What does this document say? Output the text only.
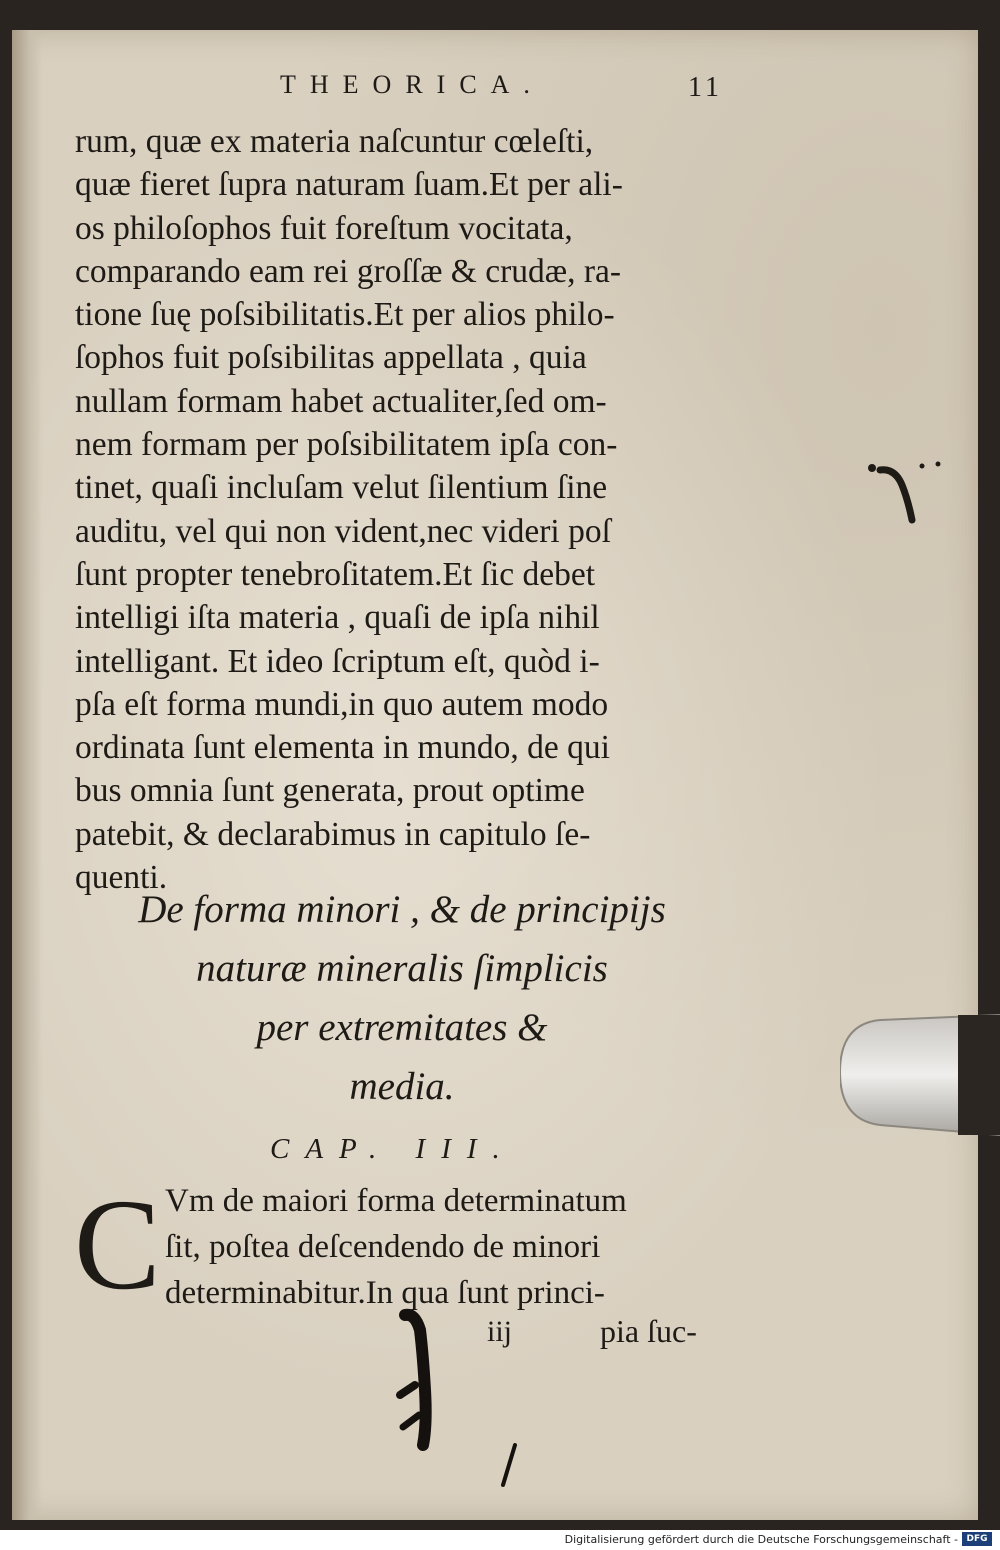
THEORICA.	11
rum, quæ ex materia naſcuntur cœleſti,
quæ fieret ſupra naturam ſuam.Et per ali-
os philoſophos fuit foreſtum vocitata,
comparando eam rei groſſæ & crudæ, ra-
tione ſuę poſsibilitatis.Et per alios philo-
ſophos fuit poſsibilitas appellata , quia
nullam formam habet actualiter,ſed om-
nem formam per poſsibilitatem ipſa con-
tinet, quaſi incluſam velut ſilentium ſine
auditu, vel qui non vident,nec videri poſ
ſunt propter tenebroſitatem.Et ſic debet
intelligi iſta materia , quaſi de ipſa nihil
intelligant. Et ideo ſcriptum eſt, quòd i-
pſa eſt forma mundi,in quo autem modo
ordinata ſunt elementa in mundo, de qui
bus omnia ſunt generata, prout optime
patebit, & declarabimus in capitulo ſe-
quenti.
De forma minori , & de principijs
naturæ mineralis ſimplicis
per extremitates &
media.
CAP. III.
C Vm de maiori forma determinatum
ſit, poſtea deſcendendo de minori
determinabitur.In qua ſunt princi-
iij	pia ſuc-
Digitalisierung gefördert durch die Deutsche Forschungsgemeinschaft - DFG
